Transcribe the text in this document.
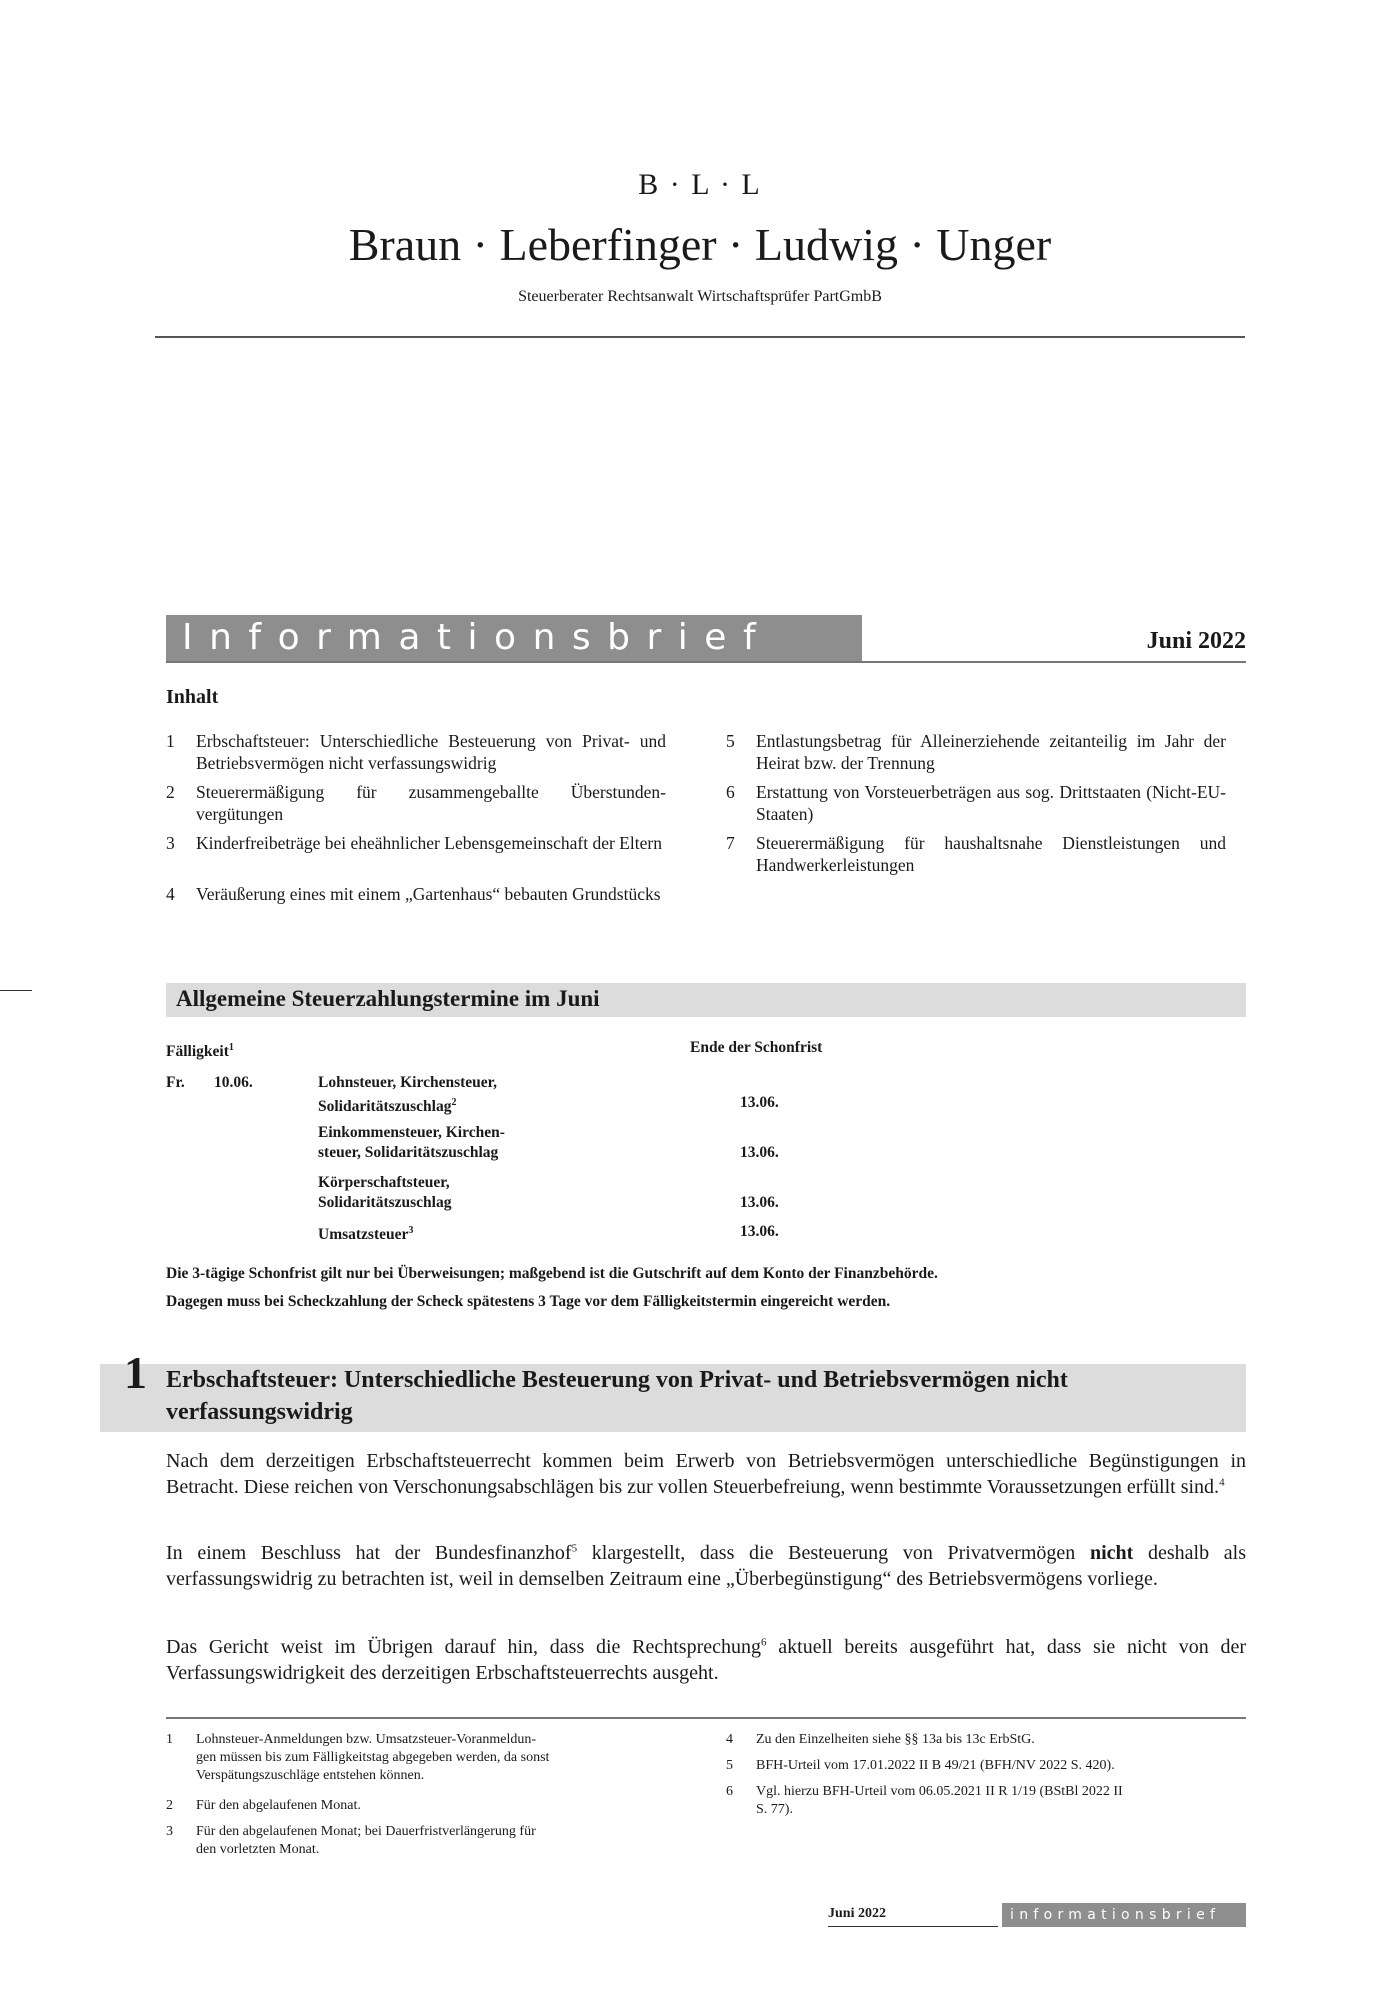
B · L · L
Braun · Leberfinger · Ludwig · Unger
Steuerberater Rechtsanwalt Wirtschaftsprüfer PartGmbB
Informationsbrief	Juni 2022
Inhalt
1	Erbschaftsteuer: Unterschiedliche Besteuerung von Privat- und Betriebsvermögen nicht verfassungswidrig
2	Steuerermäßigung für zusammengeballte Überstunden-vergütungen
3	Kinderfreibeträge bei eheähnlicher Lebensgemeinschaft der Eltern
4	Veräußerung eines mit einem „Gartenhaus“ bebauten Grundstücks
5	Entlastungsbetrag für Alleinerziehende zeitanteilig im Jahr der Heirat bzw. der Trennung
6	Erstattung von Vorsteuerbeträgen aus sog. Drittstaaten (Nicht-EU-Staaten)
7	Steuerermäßigung für haushaltsnahe Dienstleistungen und Handwerkerleistungen
Allgemeine Steuerzahlungstermine im Juni
Fälligkeit$^1$	Ende der Schonfrist
Fr. 10.06.	Lohnsteuer, Kirchensteuer,
Solidaritätszuschlag$^2$	13.06.
Einkommensteuer, Kirchen-
steuer, Solidaritätszuschlag	13.06.
Körperschaftsteuer,
Solidaritätszuschlag	13.06.
Umsatzsteuer$^3$	13.06.
Die 3-tägige Schonfrist gilt nur bei Überweisungen; maßgebend ist die Gutschrift auf dem Konto der Finanzbehörde.
Dagegen muss bei Scheckzahlung der Scheck spätestens 3 Tage vor dem Fälligkeitstermin eingereicht werden.
1 Erbschaftsteuer: Unterschiedliche Besteuerung von Privat- und Betriebsvermögen nicht verfassungswidrig
Nach dem derzeitigen Erbschaftsteuerrecht kommen beim Erwerb von Betriebsvermögen unterschiedliche Begünstigungen in Betracht. Diese reichen von Verschonungsabschlägen bis zur vollen Steuerbefreiung, wenn bestimmte Voraussetzungen erfüllt sind.$^4$
In einem Beschluss hat der Bundesfinanzhof$^5$ klargestellt, dass die Besteuerung von Privatvermögen nicht deshalb als verfassungswidrig zu betrachten ist, weil in demselben Zeitraum eine „Überbegünstigung“ des Betriebsvermögens vorliege.
Das Gericht weist im Übrigen darauf hin, dass die Rechtsprechung$^6$ aktuell bereits ausgeführt hat, dass sie nicht von der Verfassungswidrigkeit des derzeitigen Erbschaftsteuerrechts ausgeht.
1	Lohnsteuer-Anmeldungen bzw. Umsatzsteuer-Voranmeldun-
gen müssen bis zum Fälligkeitstag abgegeben werden, da sonst
Verspätungszuschläge entstehen können.
2	Für den abgelaufenen Monat.
3	Für den abgelaufenen Monat; bei Dauerfristverlängerung für
den vorletzten Monat.
4	Zu den Einzelheiten siehe §§ 13a bis 13c ErbStG.
5	BFH-Urteil vom 17.01.2022 II B 49/21 (BFH/NV 2022 S. 420).
6	Vgl. hierzu BFH-Urteil vom 06.05.2021 II R 1/19 (BStBl 2022 II
S. 77).
Juni 2022	informationsbrief
